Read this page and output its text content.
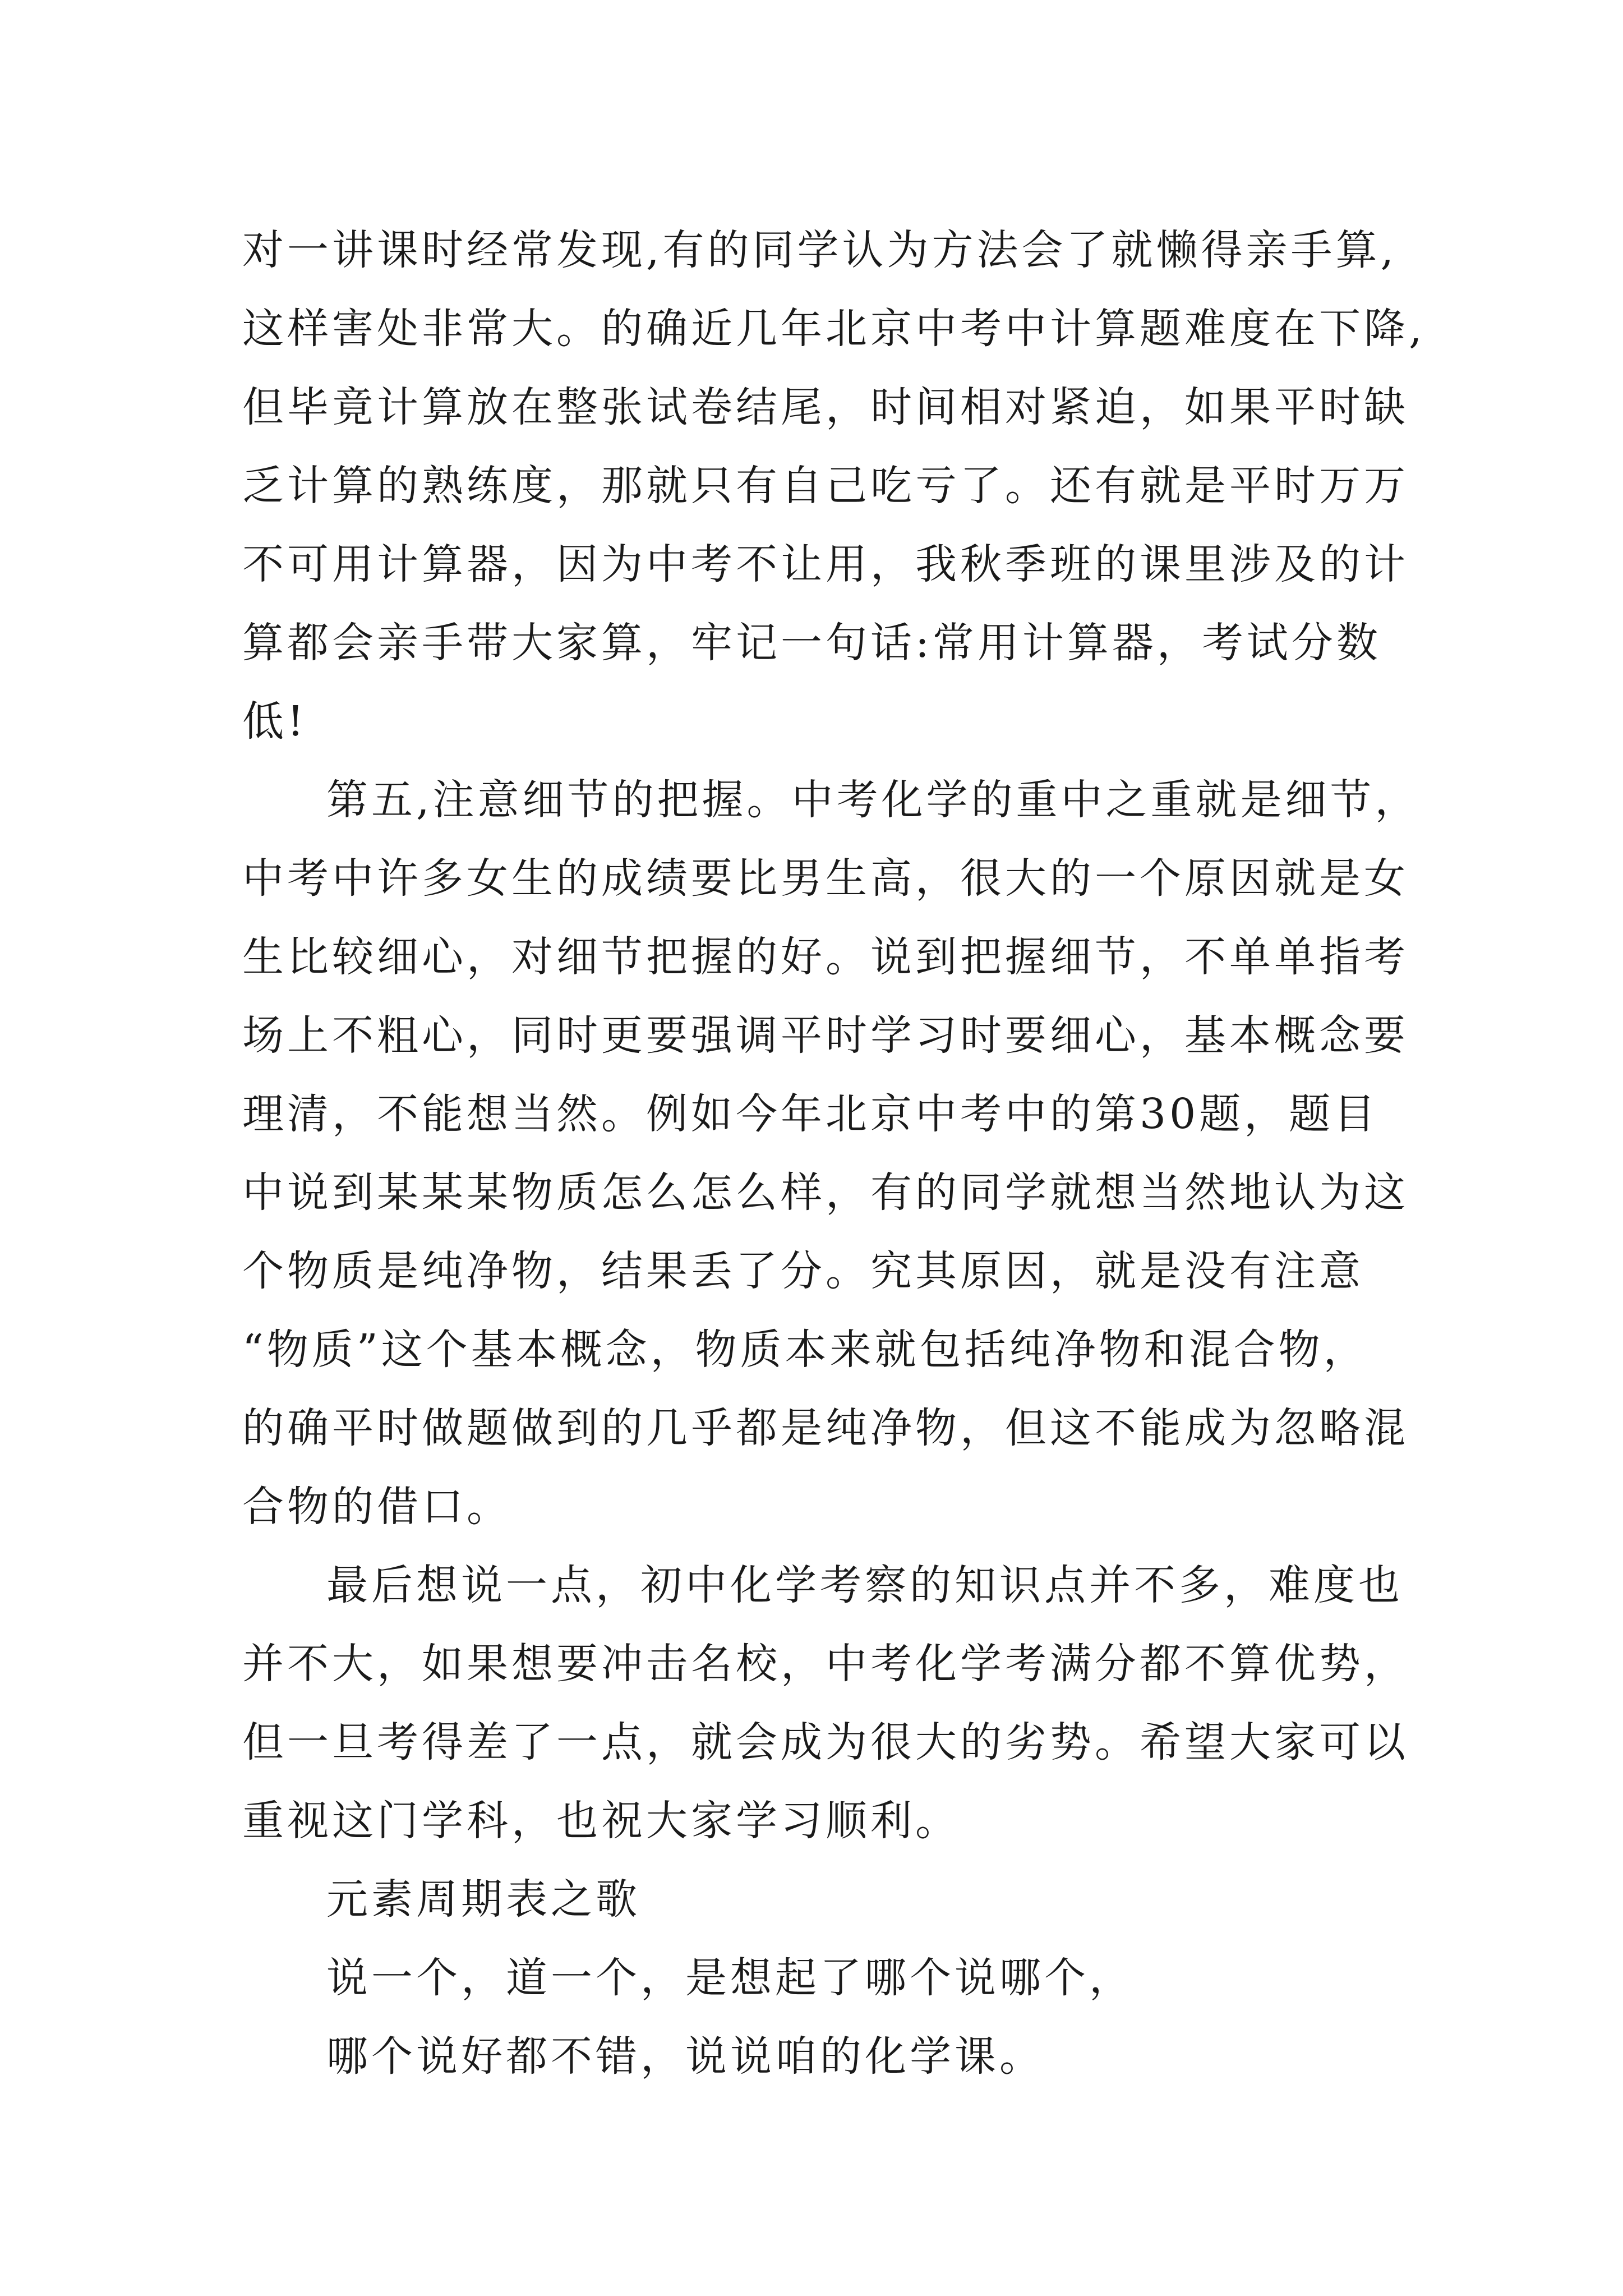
对一讲课时经常发现,有的同学认为方法会了就懒得亲手算,
这样害处非常大。的确近几年北京中考中计算题难度在下降,
但毕竟计算放在整张试卷结尾，时间相对紧迫，如果平时缺
乏计算的熟练度，那就只有自己吃亏了。还有就是平时万万
不可用计算器，因为中考不让用，我秋季班的课里涉及的计
算都会亲手带大家算，牢记一句话:常用计算器，考试分数
低!
第五,注意细节的把握。中考化学的重中之重就是细节，
中考中许多女生的成绩要比男生高，很大的一个原因就是女
生比较细心，对细节把握的好。说到把握细节，不单单指考
场上不粗心，同时更要强调平时学习时要细心，基本概念要
理清，不能想当然。例如今年北京中考中的第30题，题目
中说到某某某物质怎么怎么样，有的同学就想当然地认为这
个物质是纯净物，结果丢了分。究其原因，就是没有注意
“物质”这个基本概念，物质本来就包括纯净物和混合物，
的确平时做题做到的几乎都是纯净物，但这不能成为忽略混
合物的借口。
最后想说一点，初中化学考察的知识点并不多，难度也
并不大，如果想要冲击名校，中考化学考满分都不算优势，
但一旦考得差了一点，就会成为很大的劣势。希望大家可以
重视这门学科，也祝大家学习顺利。
元素周期表之歌
说一个，道一个，是想起了哪个说哪个，
哪个说好都不错，说说咱的化学课。
